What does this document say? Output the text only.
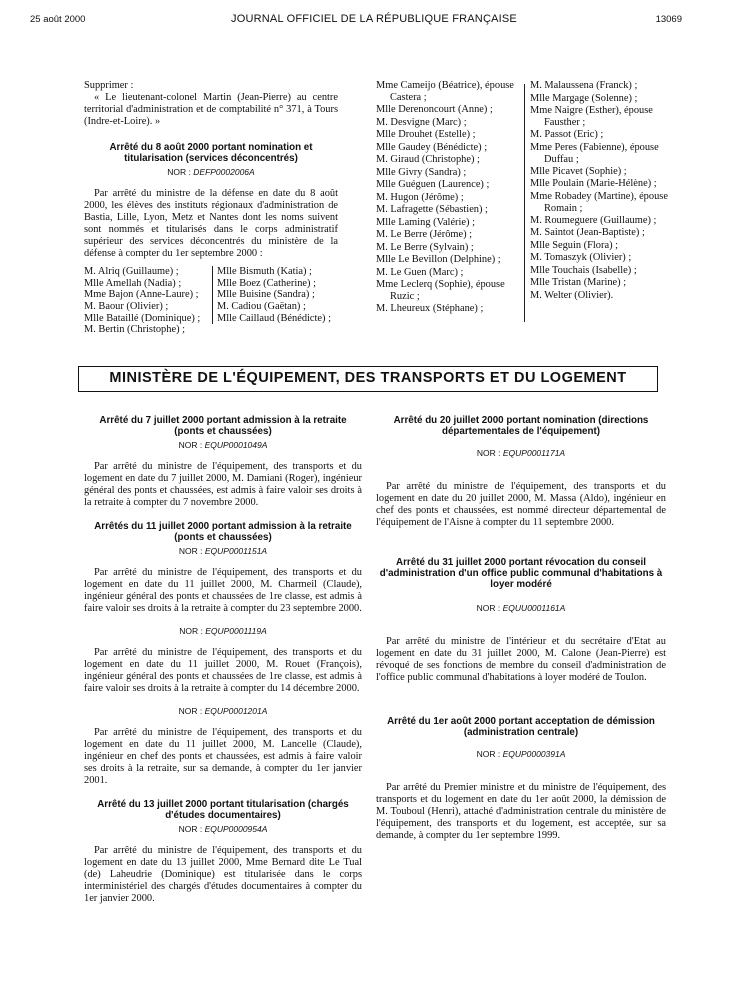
25 août 2000	JOURNAL OFFICIEL DE LA RÉPUBLIQUE FRANÇAISE	13069

Supprimer :

« Le lieutenant-colonel Martin (Jean-Pierre) au centre territorial d'administration et de comptabilité n° 371, à Tours (Indre-et-Loire). »

Arrêté du 8 août 2000 portant nomination et titularisation (services déconcentrés)
NOR : DEFP0002006A

Par arrêté du ministre de la défense en date du 8 août 2000, les élèves des instituts régionaux d'administration de Bastia, Lille, Lyon, Metz et Nantes dont les noms suivent sont nommés et titularisés dans le corps administratif supérieur des services déconcentrés du ministère de la défense à compter du 1er septembre 2000 :

M. Alriq (Guillaume) ;
Mlle Amellah (Nadia) ;
Mme Bajon (Anne-Laure) ;
M. Baour (Olivier) ;
Mlle Bataillé (Dominique) ;
M. Bertin (Christophe) ;
Mlle Bismuth (Katia) ;
Mlle Boez (Catherine) ;
Mlle Buisine (Sandra) ;
M. Cadiou (Gaëtan) ;
Mlle Caillaud (Bénédicte) ;
Mme Cameijo (Béatrice), épouse Castera ;
Mlle Derenoncourt (Anne) ;
M. Desvigne (Marc) ;
Mlle Drouhet (Estelle) ;
Mlle Gaudey (Bénédicte) ;
M. Giraud (Christophe) ;
Mlle Givry (Sandra) ;
Mlle Guéguen (Laurence) ;
M. Hugon (Jérôme) ;
M. Lafragette (Sébastien) ;
Mlle Laming (Valérie) ;
M. Le Berre (Jérôme) ;
M. Le Berre (Sylvain) ;
Mlle Le Bevillon (Delphine) ;
M. Le Guen (Marc) ;
Mme Leclerq (Sophie), épouse Ruzic ;
M. Lheureux (Stéphane) ;
M. Malaussena (Franck) ;
Mlle Margage (Solenne) ;
Mme Naigre (Esther), épouse Fausther ;
M. Passot (Eric) ;
Mme Peres (Fabienne), épouse Duffau ;
Mlle Picavet (Sophie) ;
Mlle Poulain (Marie-Hélène) ;
Mme Robadey (Martine), épouse Romain ;
M. Roumeguere (Guillaume) ;
M. Saintot (Jean-Baptiste) ;
Mlle Seguin (Flora) ;
M. Tomaszyk (Olivier) ;
Mlle Touchais (Isabelle) ;
Mlle Tristan (Marine) ;
M. Welter (Olivier).
MINISTÈRE DE L'ÉQUIPEMENT, DES TRANSPORTS ET DU LOGEMENT
Arrêté du 7 juillet 2000 portant admission à la retraite (ponts et chaussées)
NOR : EQUP0001049A

Par arrêté du ministre de l'équipement, des transports et du logement en date du 7 juillet 2000, M. Damiani (Roger), ingénieur général des ponts et chaussées, est admis à faire valoir ses droits à la retraite à compter du 7 novembre 2000.

Arrêtés du 11 juillet 2000 portant admission à la retraite (ponts et chaussées)
NOR : EQUP0001151A

Par arrêté du ministre de l'équipement, des transports et du logement en date du 11 juillet 2000, M. Charmeil (Claude), ingénieur général des ponts et chaussées de 1re classe, est admis à faire valoir ses droits à la retraite à compter du 23 septembre 2000.

NOR : EQUP0001119A

Par arrêté du ministre de l'équipement, des transports et du logement en date du 11 juillet 2000, M. Rouet (François), ingénieur général des ponts et chaussées de 1re classe, est admis à faire valoir ses droits à la retraite à compter du 14 décembre 2000.

NOR : EQUP0001201A

Par arrêté du ministre de l'équipement, des transports et du logement en date du 11 juillet 2000, M. Lancelle (Claude), ingénieur en chef des ponts et chaussées, est admis à faire valoir ses droits à la retraite, sur sa demande, à compter du 1er janvier 2001.

Arrêté du 13 juillet 2000 portant titularisation (chargés d'études documentaires)
NOR : EQUP0000954A

Par arrêté du ministre de l'équipement, des transports et du logement en date du 13 juillet 2000, Mme Bernard dite Le Tual (de) Laheudrie (Dominique) est titularisée dans le corps interministériel des chargés d'études documentaires à compter du 1er janvier 2000.

Arrêté du 20 juillet 2000 portant nomination (directions départementales de l'équipement)
NOR : EQUP0001171A

Par arrêté du ministre de l'équipement, des transports et du logement en date du 20 juillet 2000, M. Massa (Aldo), ingénieur en chef des ponts et chaussées, est nommé directeur départemental de l'équipement de l'Aisne à compter du 11 septembre 2000.

Arrêté du 31 juillet 2000 portant révocation du conseil d'administration d'un office public communal d'habitations à loyer modéré
NOR : EQUU0001161A

Par arrêté du ministre de l'intérieur et du secrétaire d'Etat au logement en date du 31 juillet 2000, M. Calone (Jean-Pierre) est révoqué de ses fonctions de membre du conseil d'administration de l'office public communal d'habitations à loyer modéré de Toulon.

Arrêté du 1er août 2000 portant acceptation de démission (administration centrale)
NOR : EQUP0000391A

Par arrêté du Premier ministre et du ministre de l'équipement, des transports et du logement en date du 1er août 2000, la démission de M. Touboul (Henri), attaché d'administration centrale du ministère de l'équipement, des transports et du logement, est acceptée, sur sa demande, à compter du 1er septembre 1999.
